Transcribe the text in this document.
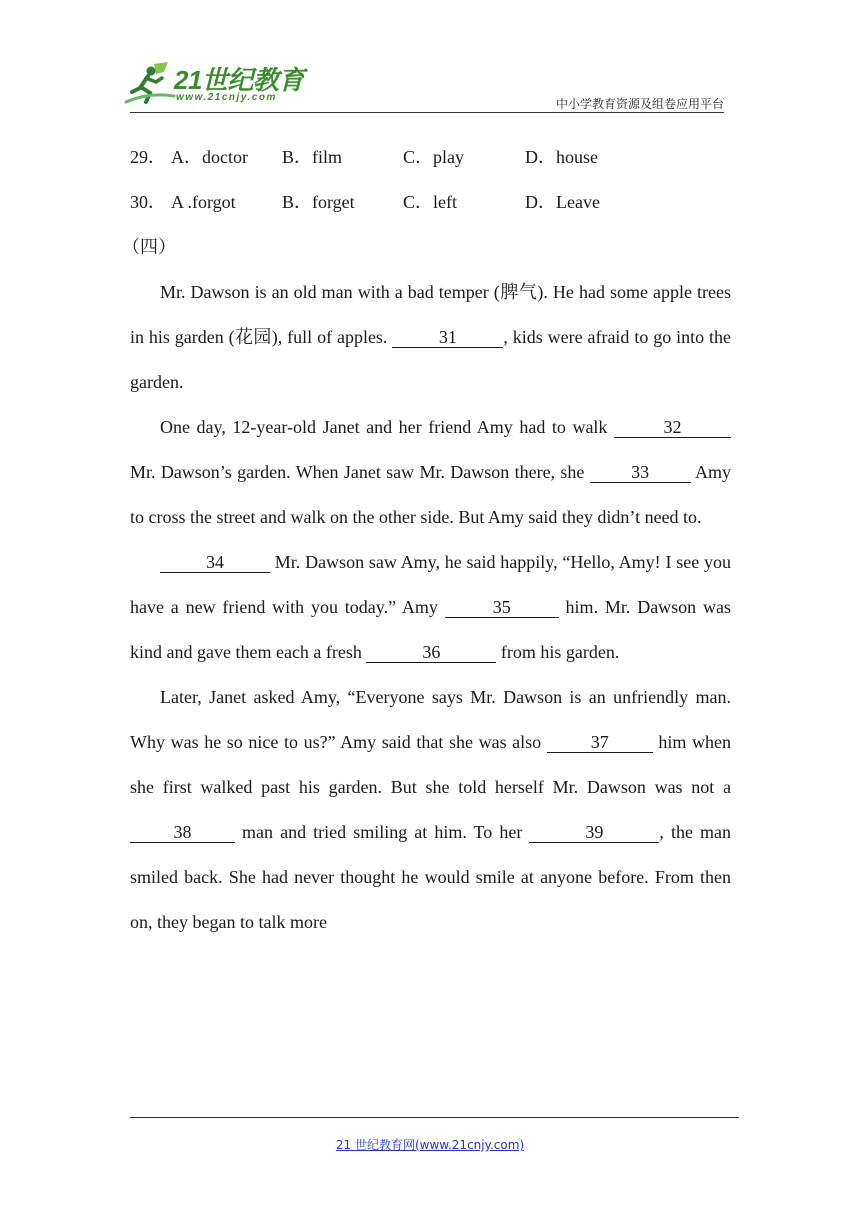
21世纪教育
www.21cnjy.com	中小学教育资源及组卷应用平台
29． A．doctor B．film	C．play	D．house
30． A .forgot	B．forget	C．left	D．Leave
（四）

Mr. Dawson is an old man with a bad temper (脾气). He had some apple trees in his garden (花园), full of apples.	31	, kids were afraid to go into the garden.

One day, 12-year-old Janet and her friend Amy had to walk	32 Mr. Dawson’s garden. When Janet saw Mr. Dawson there, she 33 Amy to cross the street and walk on the other side. But Amy said they didn’t need to.

34	Mr. Dawson saw Amy, he said happily, “Hello, Amy! I see you have a new friend with you today.” Amy	35	him. Mr. Dawson was kind and gave them each a fresh	36	from his garden.

Later, Janet asked Amy, “Everyone says Mr. Dawson is an unfriendly man. Why was he so nice to us?” Amy said that she was also 37 him when she first walked past his garden. But she told herself Mr. Dawson was not a 38 man and tried smiling at him. To her	39	, the man smiled back. She had never thought he would smile at anyone before. From then on, they began to talk more

21 世纪教育网(www.21cnjy.com)
